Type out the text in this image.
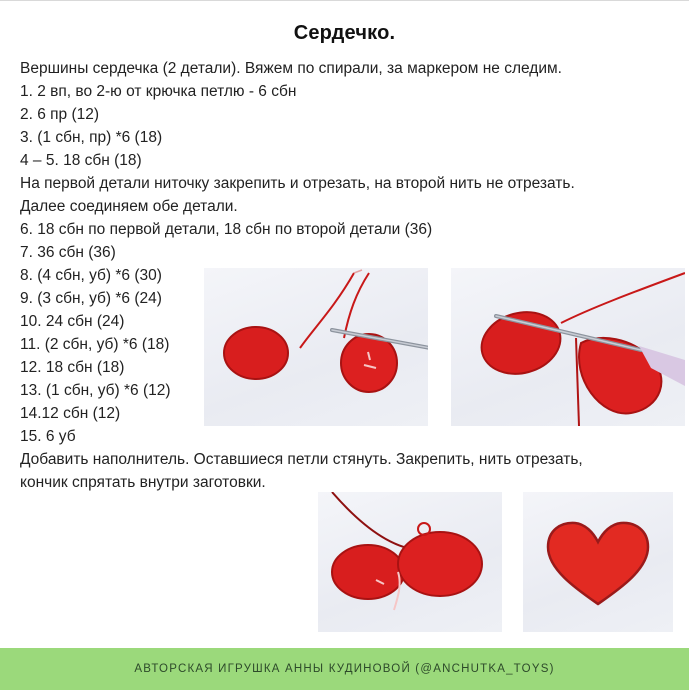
Сердечко.
Вершины сердечка (2 детали). Вяжем по спирали, за маркером не следим.
1. 2 вп, во 2-ю от крючка петлю - 6 сбн
2. 6 пр (12)
3. (1 сбн, пр) *6 (18)
4 – 5. 18 сбн (18)
На первой детали ниточку закрепить и отрезать, на второй нить не отрезать.
Далее соединяем обе детали.
6. 18 сбн по первой детали, 18 сбн по второй детали (36)
7. 36 сбн (36)
8. (4 сбн, уб) *6 (30)
9. (3 сбн, уб) *6 (24)
10. 24 сбн (24)
11. (2 сбн, уб) *6 (18)
12. 18 сбн (18)
13. (1 сбн, уб) *6 (12)
14.12 сбн (12)
15. 6 уб
Добавить наполнитель. Оставшиеся петли стянуть. Закрепить, нить отрезать,
кончик спрятать внутри заготовки.
АВТОРСКАЯ ИГРУШКА АННЫ КУДИНОВОЙ (@ANCHUTKA_TOYS)
